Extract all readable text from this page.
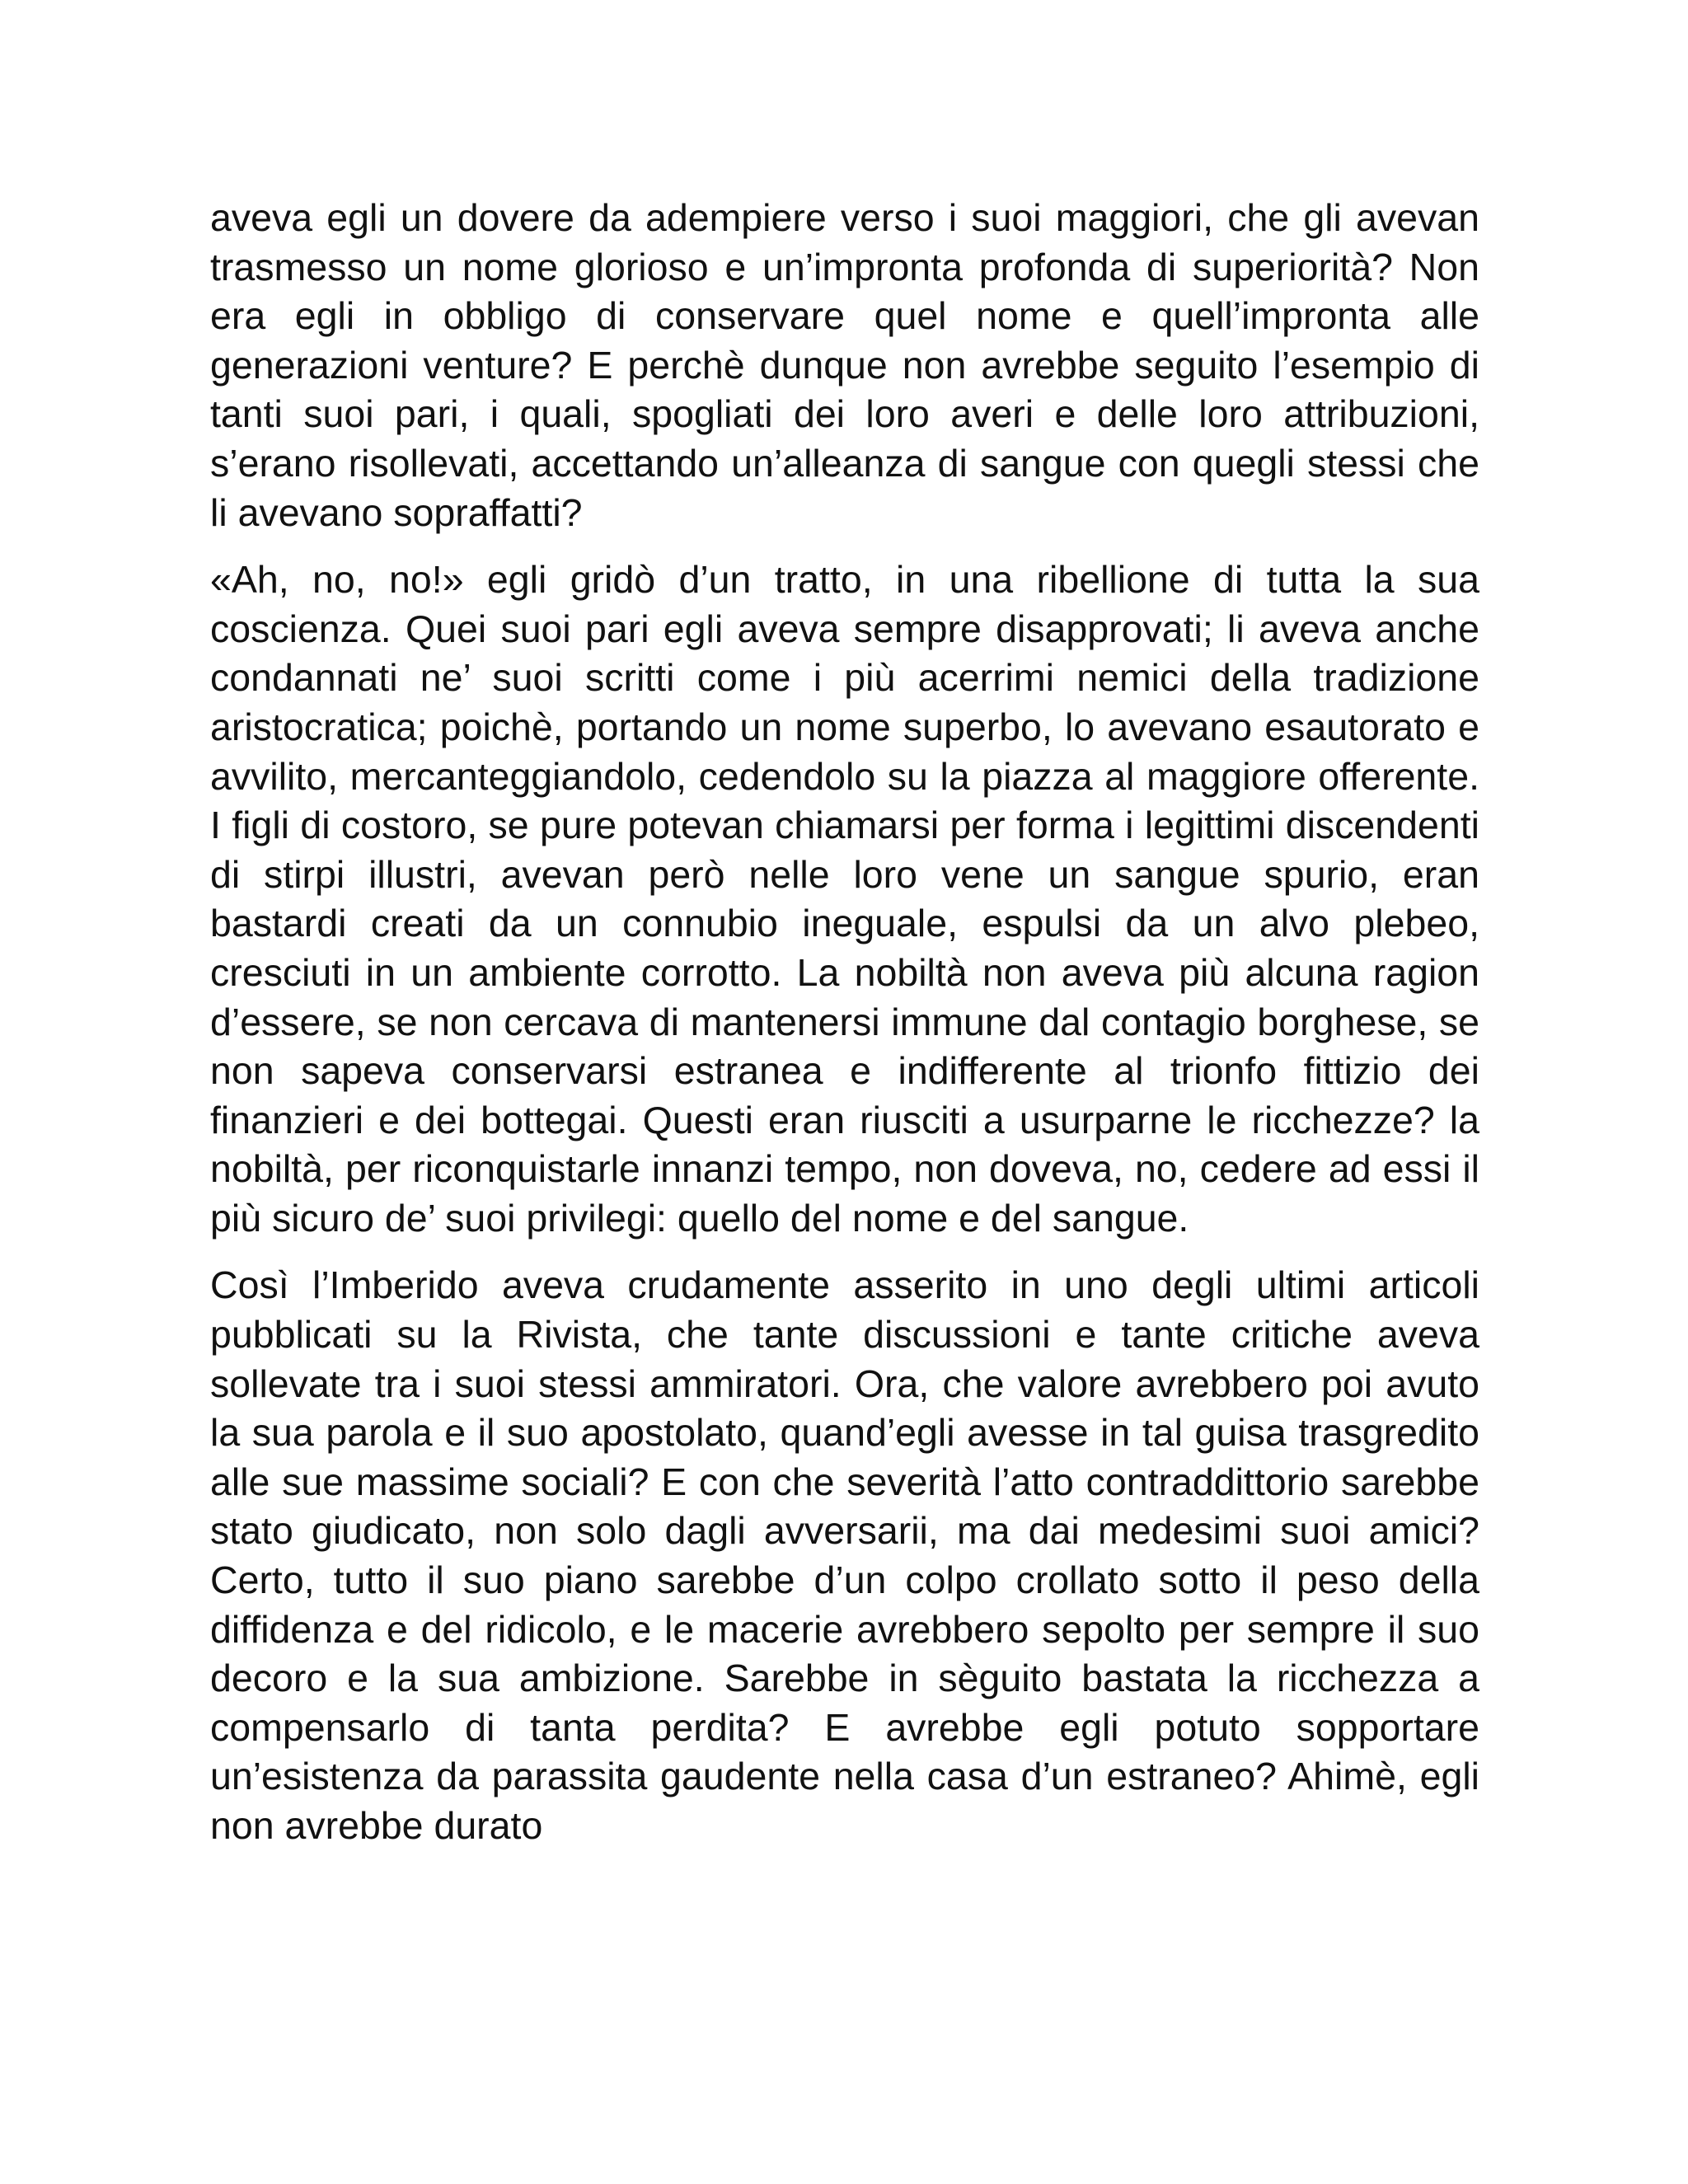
aveva egli un dovere da adempiere verso i suoi maggiori, che gli avevan trasmesso un nome glorioso e un’impronta profonda di superiorità? Non era egli in obbligo di conservare quel nome e quell’impronta alle generazioni venture? E perchè dunque non avrebbe seguito l’esempio di tanti suoi pari, i quali, spogliati dei loro averi e delle loro attribuzioni, s’erano risollevati, accettando un’alleanza di sangue con quegli stessi che li avevano sopraffatti?

«Ah, no, no!» egli gridò d’un tratto, in una ribellione di tutta la sua coscienza. Quei suoi pari egli aveva sempre disapprovati; li aveva anche condannati ne’ suoi scritti come i più acerrimi nemici della tradizione aristocratica; poichè, portando un nome superbo, lo avevano esautorato e avvilito, mercanteggiandolo, cedendolo su la piazza al maggiore offerente. I figli di costoro, se pure potevan chiamarsi per forma i legittimi discendenti di stirpi illustri, avevan però nelle loro vene un sangue spurio, eran bastardi creati da un connubio ineguale, espulsi da un alvo plebeo, cresciuti in un ambiente corrotto. La nobiltà non aveva più alcuna ragion d’essere, se non cercava di mantenersi immune dal contagio borghese, se non sapeva conservarsi estranea e indifferente al trionfo fittizio dei finanzieri e dei bottegai. Questi eran riusciti a usurparne le ricchezze? la nobiltà, per riconquistarle innanzi tempo, non doveva, no, cedere ad essi il più sicuro de’ suoi privilegi: quello del nome e del sangue.

Così l’Imberido aveva crudamente asserito in uno degli ultimi articoli pubblicati su la Rivista, che tante discussioni e tante critiche aveva sollevate tra i suoi stessi ammiratori. Ora, che valore avrebbero poi avuto la sua parola e il suo apostolato, quand’egli avesse in tal guisa trasgredito alle sue massime sociali? E con che severità l’atto contraddittorio sarebbe stato giudicato, non solo dagli avversarii, ma dai medesimi suoi amici? Certo, tutto il suo piano sarebbe d’un colpo crollato sotto il peso della diffidenza e del ridicolo, e le macerie avrebbero sepolto per sempre il suo decoro e la sua ambizione. Sarebbe in sèguito bastata la ricchezza a compensarlo di tanta perdita? E avrebbe egli potuto sopportare un’esistenza da parassita gaudente nella casa d’un estraneo? Ahimè, egli non avrebbe durato
